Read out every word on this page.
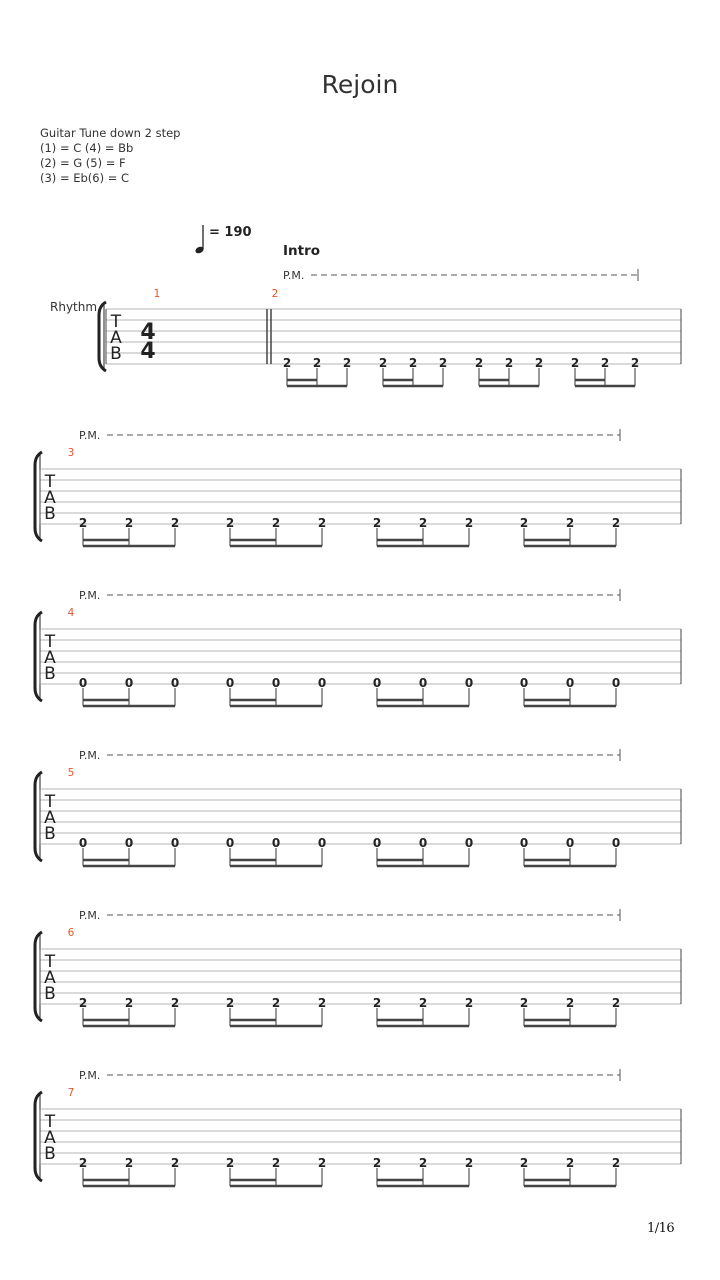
Rejoin
Guitar Tune down 2 step
(1) = C (4) = Bb
(2) = G (5) = F
(3) = Eb(6) = C
= 190
Intro
Rhythm
T
A
B
4
4
1	2
P.M.
2 2 2 2 2 2 2 2 2 2 2 2
P.M.
T
A
B
3
2	2	2	2	2	2	2	2	2	2	2	2
P.M.
T
A
B
4
0	0	0	0	0	0	0	0	0	0	0	0
P.M.
T
A
B
5
0	0	0	0	0	0	0	0	0	0	0	0
P.M.
T
A
B
6
2	2	2	2	2	2	2	2	2	2	2	2
P.M.
T
A
B
7
2	2	2	2	2	2	2	2	2	2	2	2
1/16
